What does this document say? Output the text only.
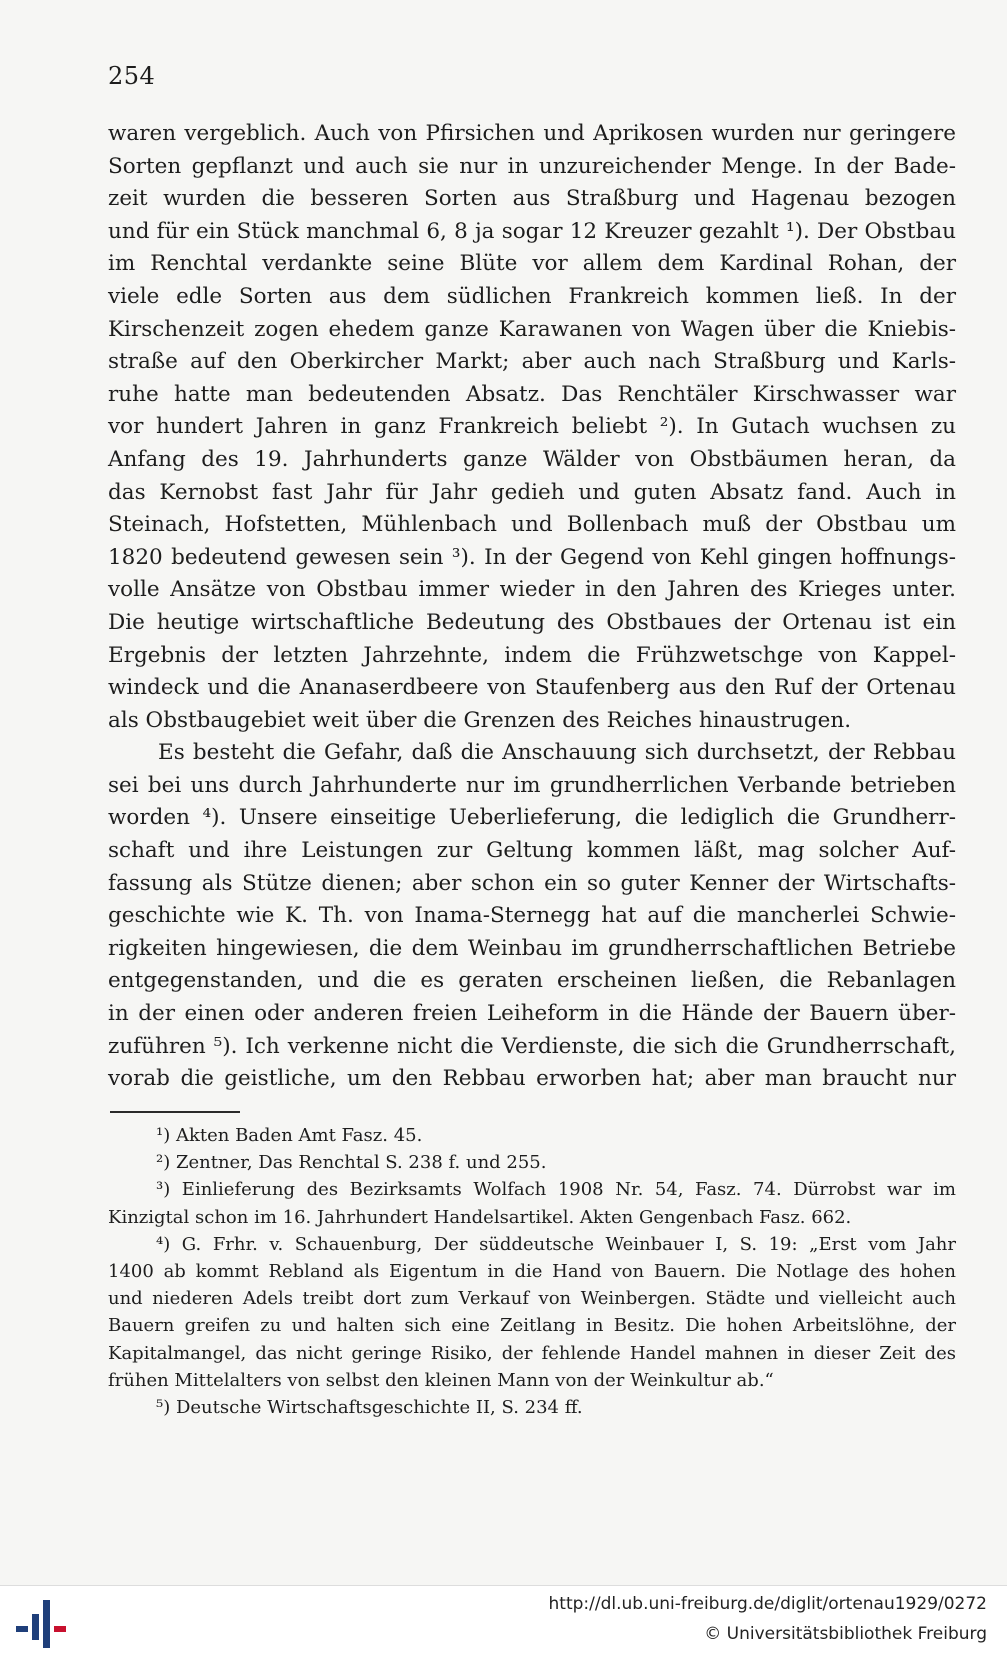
254
waren vergeblich. Auch von Pfirsichen und Aprikosen wurden nur geringere
Sorten gepflanzt und auch sie nur in unzureichender Menge. In der Bade-
zeit wurden die besseren Sorten aus Straßburg und Hagenau bezogen
und für ein Stück manchmal 6, 8 ja sogar 12 Kreuzer gezahlt ¹). Der Obstbau
im Renchtal verdankte seine Blüte vor allem dem Kardinal Rohan, der
viele edle Sorten aus dem südlichen Frankreich kommen ließ. In der
Kirschenzeit zogen ehedem ganze Karawanen von Wagen über die Kniebis-
straße auf den Oberkircher Markt; aber auch nach Straßburg und Karls-
ruhe hatte man bedeutenden Absatz. Das Renchtäler Kirschwasser war
vor hundert Jahren in ganz Frankreich beliebt ²). In Gutach wuchsen zu
Anfang des 19. Jahrhunderts ganze Wälder von Obstbäumen heran, da
das Kernobst fast Jahr für Jahr gedieh und guten Absatz fand. Auch in
Steinach, Hofstetten, Mühlenbach und Bollenbach muß der Obstbau um
1820 bedeutend gewesen sein ³). In der Gegend von Kehl gingen hoffnungs-
volle Ansätze von Obstbau immer wieder in den Jahren des Krieges unter.
Die heutige wirtschaftliche Bedeutung des Obstbaues der Ortenau ist ein
Ergebnis der letzten Jahrzehnte, indem die Frühzwetschge von Kappel-
windeck und die Ananaserdbeere von Staufenberg aus den Ruf der Ortenau
als Obstbaugebiet weit über die Grenzen des Reiches hinaustrugen.
Es besteht die Gefahr, daß die Anschauung sich durchsetzt, der Rebbau
sei bei uns durch Jahrhunderte nur im grundherrlichen Verbande betrieben
worden ⁴). Unsere einseitige Ueberlieferung, die lediglich die Grundherr-
schaft und ihre Leistungen zur Geltung kommen läßt, mag solcher Auf-
fassung als Stütze dienen; aber schon ein so guter Kenner der Wirtschafts-
geschichte wie K. Th. von Inama-Sternegg hat auf die mancherlei Schwie-
rigkeiten hingewiesen, die dem Weinbau im grundherrschaftlichen Betriebe
entgegenstanden, und die es geraten erscheinen ließen, die Rebanlagen
in der einen oder anderen freien Leiheform in die Hände der Bauern über-
zuführen ⁵). Ich verkenne nicht die Verdienste, die sich die Grundherrschaft,
vorab die geistliche, um den Rebbau erworben hat; aber man braucht nur
¹) Akten Baden Amt Fasz. 45.
²) Zentner, Das Renchtal S. 238 f. und 255.
³) Einlieferung des Bezirksamts Wolfach 1908 Nr. 54, Fasz. 74. Dürrobst war im
Kinzigtal schon im 16. Jahrhundert Handelsartikel. Akten Gengenbach Fasz. 662.
⁴) G. Frhr. v. Schauenburg, Der süddeutsche Weinbauer I, S. 19: „Erst vom Jahr
1400 ab kommt Rebland als Eigentum in die Hand von Bauern. Die Notlage des hohen
und niederen Adels treibt dort zum Verkauf von Weinbergen. Städte und vielleicht auch
Bauern greifen zu und halten sich eine Zeitlang in Besitz. Die hohen Arbeitslöhne, der
Kapitalmangel, das nicht geringe Risiko, der fehlende Handel mahnen in dieser Zeit des
frühen Mittelalters von selbst den kleinen Mann von der Weinkultur ab.“
⁵) Deutsche Wirtschaftsgeschichte II, S. 234 ff.
http://dl.ub.uni-freiburg.de/diglit/ortenau1929/0272
© Universitätsbibliothek Freiburg
